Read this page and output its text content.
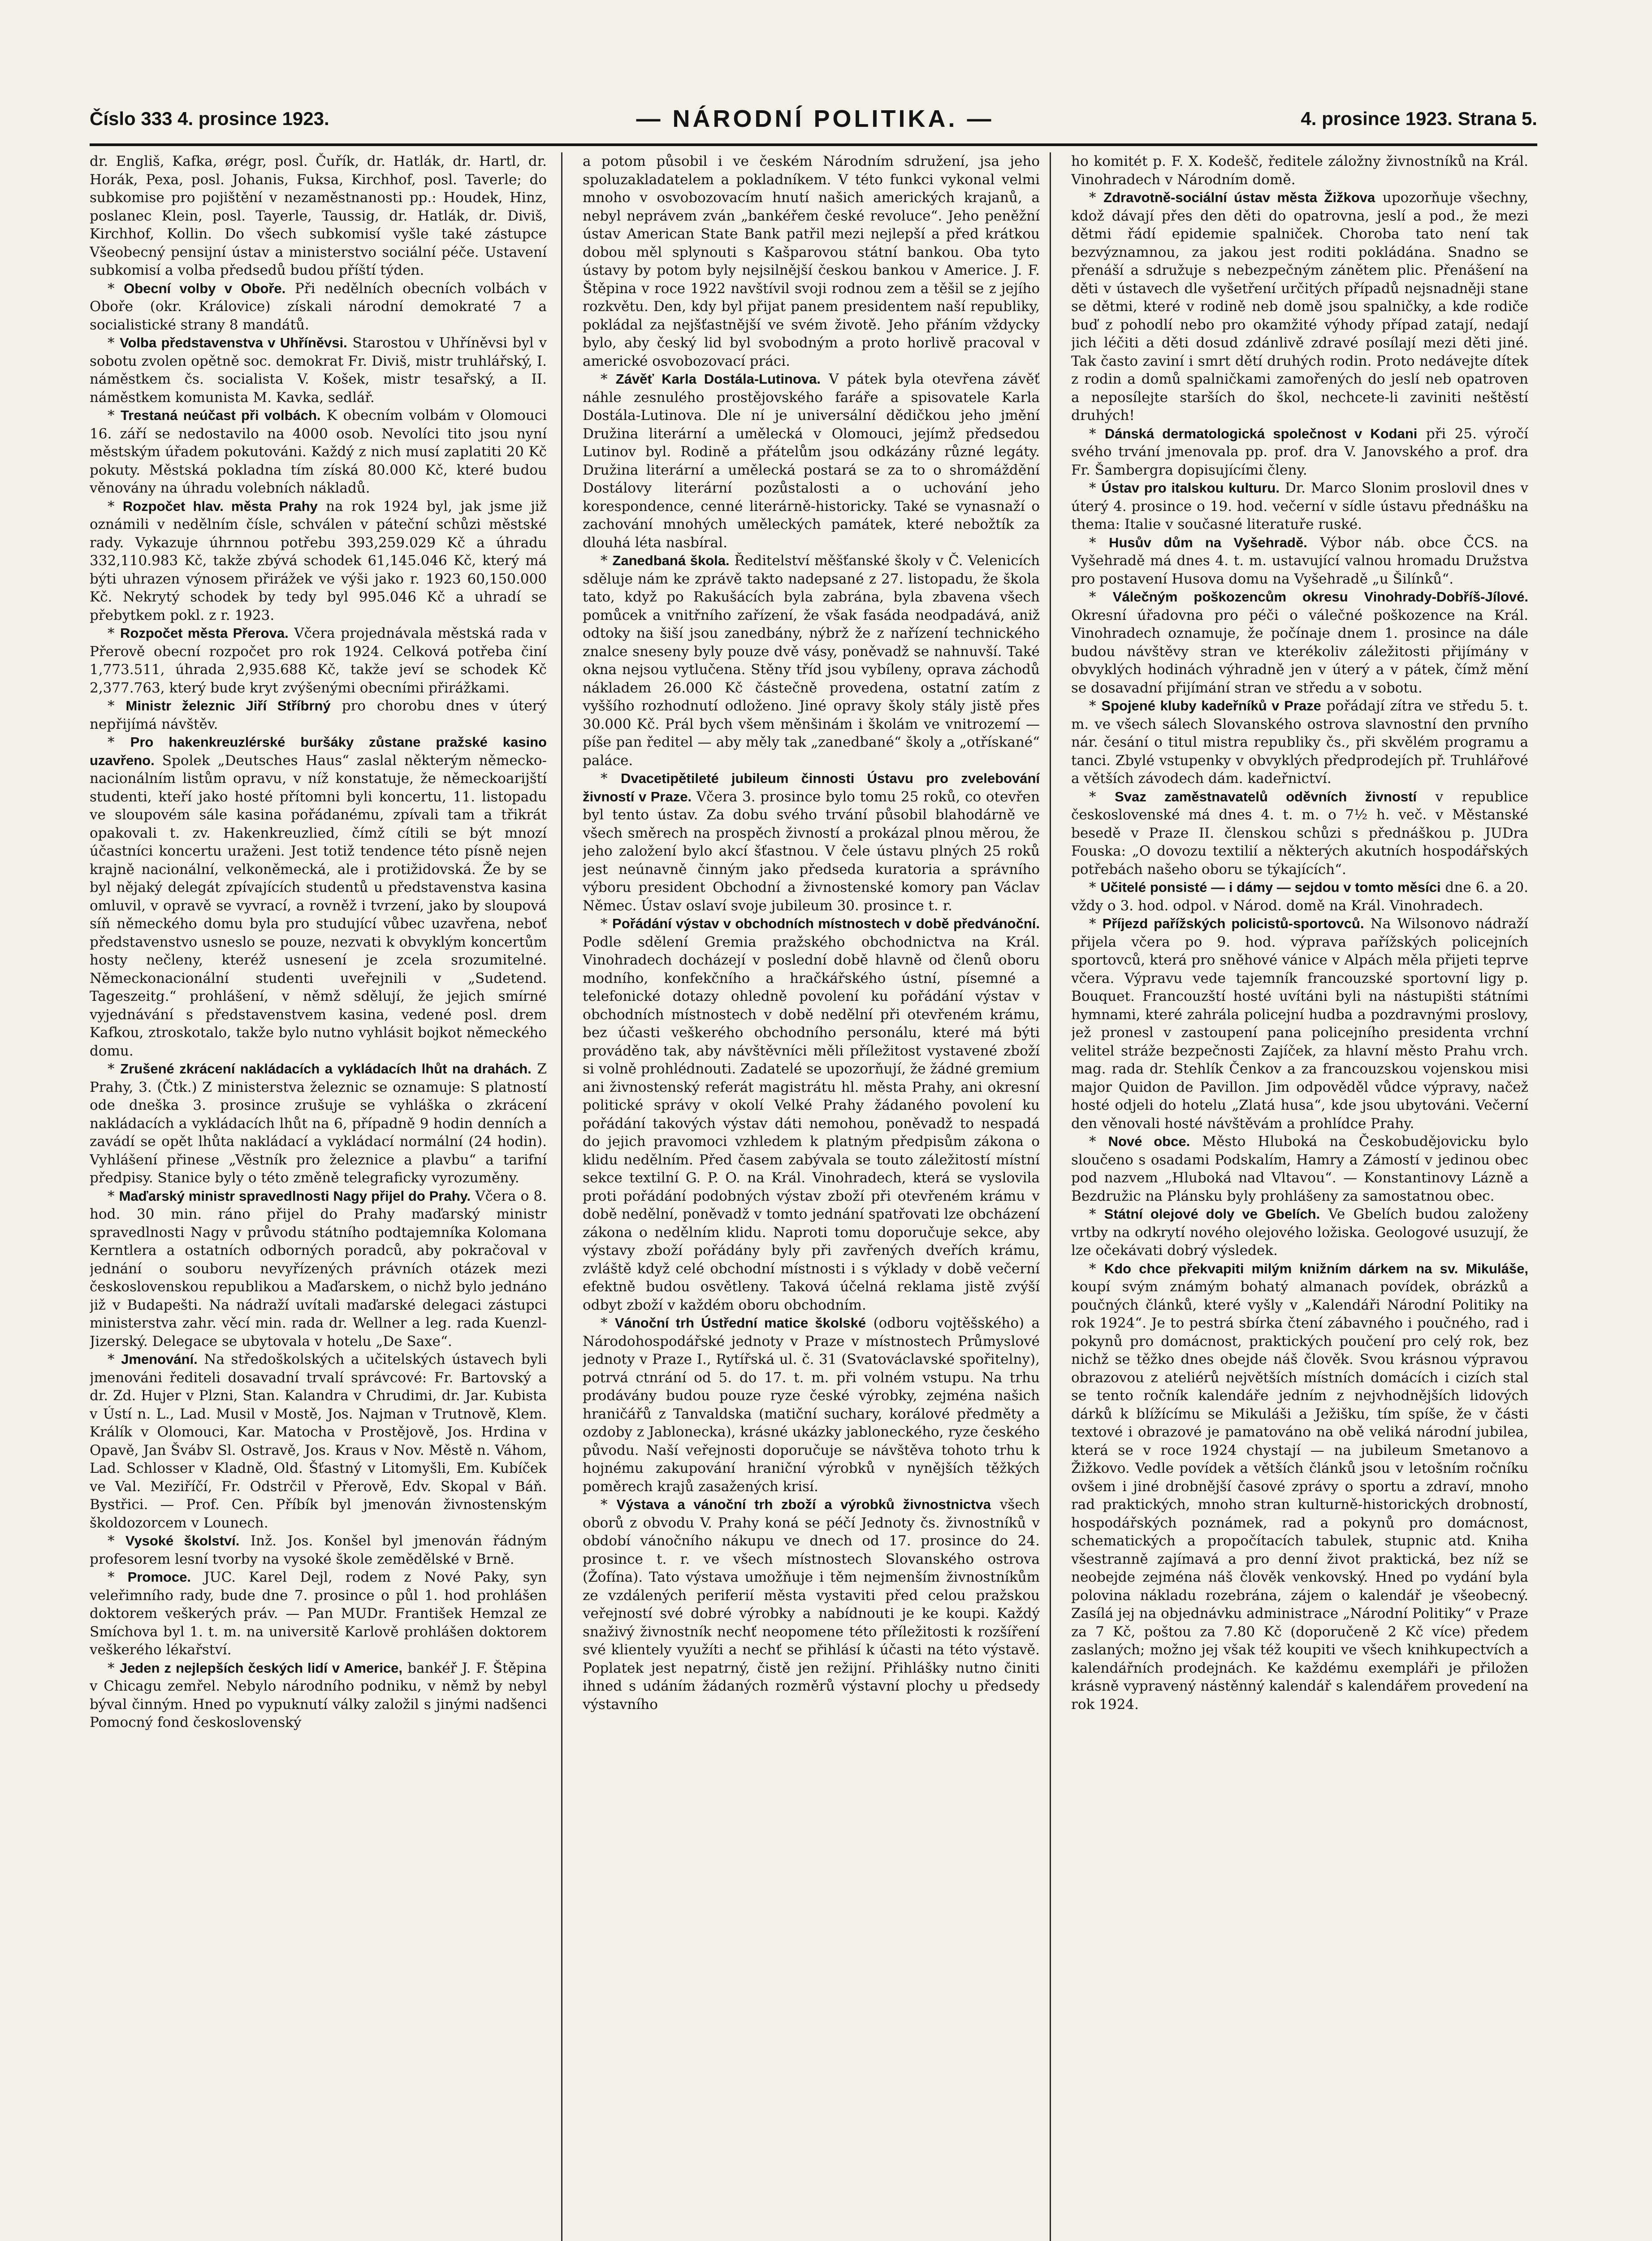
Číslo 333 4. prosince 1923.	— NÁRODNÍ POLITIKA. —	4. prosince 1923. Strana 5.

dr. Engliš, Kafka, ørégr, posl. Čuřík, dr. Hatlák, dr. Hartl, dr. Horák, Pexa, posl. Johanis, Fuksa, Kirchhof, posl. Taverle; do subkomise pro pojištění v nezaměstnanosti pp.: Houdek, Hinz, poslanec Klein, posl. Tayerle, Taussig, dr. Hatlák, dr. Diviš, Kirchhof, Kollin. Do všech subkomisí vyšle také zástupce Všeobecný pensijní ústav a ministerstvo sociální péče. Ustavení subkomisí a volba předsedů budou příští týden.

* Obecní volby v Oboře. Při nedělních obecních volbách v Oboře (okr. Královice) získali národní demokraté 7 a socialistické strany 8 mandátů.

* Volba představenstva v Uhříněvsi. Starostou v Uhříněvsi byl v sobotu zvolen opětně soc. demokrat Fr. Diviš, mistr truhlářský, I. náměstkem čs. socialista V. Košek, mistr tesařský, a II. náměstkem komunista M. Kavka, sedlář.

* Trestaná neúčast při volbách. K obecním volbám v Olomouci 16. září se nedostavilo na 4000 osob. Nevolíci tito jsou nyní městským úřadem pokutováni. Každý z nich musí zaplatiti 20 Kč pokuty. Městská pokladna tím získá 80.000 Kč, které budou věnovány na úhradu volebních nákladů.

* Rozpočet hlav. města Prahy na rok 1924 byl, jak jsme již oznámili v nedělním čísle, schválen v páteční schůzi městské rady. Vykazuje úhrnnou potřebu 393,259.029 Kč a úhradu 332,110.983 Kč, takže zbývá schodek 61,145.046 Kč, který má býti uhrazen výnosem přirážek ve výši jako r. 1923 60,150.000 Kč. Nekrytý schodek by tedy byl 995.046 Kč a uhradí se přebytkem pokl. z r. 1923.

* Rozpočet města Přerova. Včera projednávala městská rada v Přerově obecní rozpočet pro rok 1924. Celková potřeba činí 1,773.511, úhrada 2,935.688 Kč, takže jeví se schodek Kč 2,377.763, který bude kryt zvýšenými obecními přirážkami.

* Ministr železnic Jiří Stříbrný pro chorobu dnes v úterý nepřijímá návštěv.

* Pro hakenkreuzlérské buršáky zůstane pražské kasino uzavřeno. Spolek „Deutsches Haus“ zaslal některým německo-nacionálním listům opravu, v níž konstatuje, že německoarijští studenti, kteří jako hosté přítomni byli koncertu, 11. listopadu ve sloupovém sále kasina pořádanému, zpívali tam a třikrát opakovali t. zv. Hakenkreuzlied, čímž cítili se být mnozí účastníci koncertu uraženi. Jest totiž tendence této písně nejen krajně nacionální, velkoněmecká, ale i protižidovská. Že by se byl nějaký delegát zpívajících studentů u představenstva kasina omluvil, v opravě se vyvrací, a rovněž i tvrzení, jako by sloupová síň německého domu byla pro studující vůbec uzavřena, neboť představenstvo usneslo se pouze, nezvati k obvyklým koncertům hosty nečleny, kteréž usnesení je zcela srozumitelné. Německonacionální studenti uveřejnili v „Sudetend. Tageszeitg.“ prohlášení, v němž sdělují, že jejich smírné vyjednávání s představenstvem kasina, vedené posl. drem Kafkou, ztroskotalo, takže bylo nutno vyhlásit bojkot německého domu.

* Zrušené zkrácení nakládacích a vykládacích lhůt na drahách. Z Prahy, 3. (Čtk.) Z ministerstva železnic se oznamuje: S platností ode dneška 3. prosince zrušuje se vyhláška o zkrácení nakládacích a vykládacích lhůt na 6, případně 9 hodin denních a zavádí se opět lhůta nakládací a vykládací normální (24 hodin). Vyhlášení přinese „Věstník pro železnice a plavbu“ a tarifní předpisy. Stanice byly o této změně telegraficky vyrozuměny.

* Maďarský ministr spravedlnosti Nagy přijel do Prahy. Včera o 8. hod. 30 min. ráno přijel do Prahy maďarský ministr spravedlnosti Nagy v průvodu státního podtajemníka Kolomana Kerntlera a ostatních odborných poradců, aby pokračoval v jednání o souboru nevyřízených právních otázek mezi československou republikou a Maďarskem, o nichž bylo jednáno již v Budapešti. Na nádraží uvítali maďarské delegaci zástupci ministerstva zahr. věcí min. rada dr. Wellner a leg. rada Kuenzl-Jizerský. Delegace se ubytovala v hotelu „De Saxe“.

* Jmenování. Na středoškolských a učitelských ústavech byli jmenováni řediteli dosavadní trvalí správcové: Fr. Bartovský a dr. Zd. Hujer v Plzni, Stan. Kalandra v Chrudimi, dr. Jar. Kubista v Ústí n. L., Lad. Musil v Mostě, Jos. Najman v Trutnově, Klem. Králík v Olomouci, Kar. Matocha v Prostějově, Jos. Hrdina v Opavě, Jan Švábv Sl. Ostravě, Jos. Kraus v Nov. Městě n. Váhom, Lad. Schlosser v Kladně, Old. Šťastný v Litomyšli, Em. Kubíček ve Val. Meziříčí, Fr. Odstrčil v Přerově, Edv. Skopal v Báň. Bystřici. — Prof. Cen. Příbík byl jmenován živnostenským školdozorcem v Lounech.

* Vysoké školství. Inž. Jos. Konšel byl jmenován řádným profesorem lesní tvorby na vysoké škole zemědělské v Brně.

* Promoce. JUC. Karel Dejl, rodem z Nové Paky, syn veleřimního rady, bude dne 7. prosince o půl 1. hod prohlášen doktorem veškerých práv. — Pan MUDr. František Hemzal ze Smíchova byl 1. t. m. na universitě Karlově prohlášen doktorem veškerého lékařství.

* Jeden z nejlepších českých lidí v Americe, bankéř J. F. Štěpina v Chicagu zemřel. Nebylo národního podniku, v němž by nebyl býval činným. Hned po vypuknutí války založil s jinými nadšenci Pomocný fond československý

a potom působil i ve českém Národním sdružení, jsa jeho spoluzakladatelem a pokladníkem. V této funkci vykonal velmi mnoho v osvobozovacím hnutí našich amerických krajanů, a nebyl neprávem zván „bankéřem české revoluce“. Jeho peněžní ústav American State Bank patřil mezi nejlepší a před krátkou dobou měl splynouti s Kašparovou státní bankou. Oba tyto ústavy by potom byly nejsilnější českou bankou v Americe. J. F. Štěpina v roce 1922 navštívil svoji rodnou zem a těšil se z jejího rozkvětu. Den, kdy byl přijat panem presidentem naší republiky, pokládal za nejšťastnější ve svém životě. Jeho přáním vždycky bylo, aby český lid byl svobodným a proto horlivě pracoval v americké osvobozovací práci.

* Závěť Karla Dostála-Lutinova. V pátek byla otevřena závěť náhle zesnulého prostějovského faráře a spisovatele Karla Dostála-Lutinova. Dle ní je universální dědičkou jeho jmění Družina literární a umělecká v Olomouci, jejímž předsedou Lutinov byl. Rodině a přátelům jsou odkázány různé legáty. Družina literární a umělecká postará se za to o shromáždění Dostálovy literární pozůstalosti a o uchování jeho korespondence, cenné literárně-historicky. Také se vynasnaží o zachování mnohých uměleckých památek, které nebožtík za dlouhá léta nasbíral.

* Zanedbaná škola. Ředitelství měšťanské školy v Č. Velenicích sděluje nám ke zprávě takto nadepsané z 27. listopadu, že škola tato, když po Rakušácích byla zabrána, byla zbavena všech pomůcek a vnitřního zařízení, že však fasáda neodpadává, aniž odtoky na šiší jsou zanedbány, nýbrž že z nařízení technického znalce sneseny byly pouze dvě vásy, poněvadž se nahnuvší. Také okna nejsou vytlučena. Stěny tříd jsou vybíleny, oprava záchodů nákladem 26.000 Kč částečně provedena, ostatní zatím z vyššího rozhodnutí odloženo. Jiné opravy školy stály jistě přes 30.000 Kč. Prál bych všem měnšinám i školám ve vnitrozemí — píše pan ředitel — aby měly tak „zanedbané“ školy a „otřískané“ paláce.

* Dvacetipětileté jubileum činnosti Ústavu pro zvelebování živností v Praze. Včera 3. prosince bylo tomu 25 roků, co otevřen byl tento ústav. Za dobu svého trvání působil blahodárně ve všech směrech na prospěch živností a prokázal plnou měrou, že jeho založení bylo akcí šťastnou. V čele ústavu plných 25 roků jest neúnavně činným jako předseda kuratoria a správního výboru president Obchodní a živnostenské komory pan Václav Němec. Ústav oslaví svoje jubileum 30. prosince t. r.

* Pořádání výstav v obchodních místnostech v době předvánoční. Podle sdělení Gremia pražského obchodnictva na Král. Vinohradech docházejí v poslední době hlavně od členů oboru modního, konfekčního a hračkářského ústní, písemné a telefonické dotazy ohledně povolení ku pořádání výstav v obchodních místnostech v době nedělní při otevřeném krámu, bez účasti veškerého obchodního personálu, které má býti prováděno tak, aby návštěvníci měli příležitost vystavené zboží si volně prohlédnouti. Zadatelé se upozorňují, že žádné gremium ani živnostenský referát magistrátu hl. města Prahy, ani okresní politické správy v okolí Velké Prahy žádaného povolení ku pořádání takových výstav dáti nemohou, poněvadž to nespadá do jejich pravomoci vzhledem k platným předpisům zákona o klidu nedělním. Před časem zabývala se touto záležitostí místní sekce textilní G. P. O. na Král. Vinohradech, která se vyslovila proti pořádání podobných výstav zboží při otevřeném krámu v době nedělní, poněvadž v tomto jednání spatřovati lze obcházení zákona o nedělním klidu. Naproti tomu doporučuje sekce, aby výstavy zboží pořádány byly při zavřených dveřích krámu, zvláště když celé obchodní místnosti i s výklady v době večerní efektně budou osvětleny. Taková účelná reklama jistě zvýší odbyt zboží v každém oboru obchodním.

* Vánoční trh Ústřední matice školské (odboru vojtěšského) a Národohospodářské jednoty v Praze v místnostech Průmyslové jednoty v Praze I., Rytířská ul. č. 31 (Svatováclavské spořitelny), potrvá ctnrání od 5. do 17. t. m. při volném vstupu. Na trhu prodávány budou pouze ryze české výrobky, zejména našich hraničářů z Tanvaldska (matiční suchary, korálové předměty a ozdoby z Jablonecka), krásné ukázky jabloneckého, ryze českého původu. Naší veřejnosti doporučuje se návštěva tohoto trhu k hojnému zakupování hraniční výrobků v nynějších těžkých poměrech krajů zasažených krisí.

* Výstava a vánoční trh zboží a výrobků živnostnictva všech oborů z obvodu V. Prahy koná se péčí Jednoty čs. živnostníků v období vánočního nákupu ve dnech od 17. prosince do 24. prosince t. r. ve všech místnostech Slovanského ostrova (Žofína). Tato výstava umožňuje i těm nejmenším živnostníkům ze vzdálených periferií města vystaviti před celou pražskou veřejností své dobré výrobky a nabídnouti je ke koupi. Každý snaživý živnostník nechť neopomene této příležitosti k rozšíření své klientely využíti a nechť se přihlásí k účasti na této výstavě. Poplatek jest nepatrný, čistě jen režijní. Přihlášky nutno činiti ihned s udáním žádaných rozměrů výstavní plochy u předsedy výstavního

ho komitét p. F. X. Kodešč, ředitele záložny živnostníků na Král. Vinohradech v Národním domě.

* Zdravotně-sociální ústav města Žižkova upozorňuje všechny, kdož dávají přes den děti do opatrovna, jeslí a pod., že mezi dětmi řádí epidemie spalniček. Choroba tato není tak bezvýznamnou, za jakou jest roditi pokládána. Snadno se přenáší a sdružuje s nebezpečným zánětem plic. Přenášení na děti v ústavech dle vyšetření určitých případů nejsnadněji stane se dětmi, které v rodině neb domě jsou spalničky, a kde rodiče buď z pohodlí nebo pro okamžité výhody případ zatají, nedají jich léčiti a děti dosud zdánlivě zdravé posílají mezi děti jiné. Tak často zaviní i smrt dětí druhých rodin. Proto nedávejte dítek z rodin a domů spalničkami zamořených do jeslí neb opatroven a neposílejte starších do škol, nechcete-li zaviniti neštěstí druhých!

* Dánská dermatologická společnost v Kodani při 25. výročí svého trvání jmenovala pp. prof. dra V. Janovského a prof. dra Fr. Šambergra dopisujícími členy.

* Ústav pro italskou kulturu. Dr. Marco Slonim proslovil dnes v úterý 4. prosince o 19. hod. večerní v sídle ústavu přednášku na thema: Italie v současné literatuře ruské.

* Husův dům na Vyšehradě. Výbor náb. obce ČCS. na Vyšehradě má dnes 4. t. m. ustavující valnou hromadu Družstva pro postavení Husova domu na Vyšehradě „u Šilínků“.

* Válečným poškozencům okresu Vinohrady-Dobříš-Jílové. Okresní úřadovna pro péči o válečné poškozence na Král. Vinohradech oznamuje, že počínaje dnem 1. prosince na dále budou návštěvy stran ve kterékoliv záležitosti přijímány v obvyklých hodinách výhradně jen v úterý a v pátek, čímž mění se dosavadní přijímání stran ve středu a v sobotu.

* Spojené kluby kadeřníků v Praze pořádají zítra ve středu 5. t. m. ve všech sálech Slovanského ostrova slavnostní den prvního nár. česání o titul mistra republiky čs., při skvělém programu a tanci. Zbylé vstupenky v obvyklých předprodejích př. Truhlářové a větších závodech dám. kadeřnictví.

* Svaz zaměstnavatelů oděvních živností v republice československé má dnes 4. t. m. o 7½ h. več. v Městanské besedě v Praze II. členskou schůzi s přednáškou p. JUDra Fouska: „O dovozu textilií a některých akutních hospodářských potřebách našeho oboru se týkajících“.

* Učitelé ponsisté — i dámy — sejdou v tomto měsíci dne 6. a 20. vždy o 3. hod. odpol. v Národ. domě na Král. Vinohradech.

* Příjezd pařížských policistů-sportovců. Na Wilsonovo nádraží přijela včera po 9. hod. výprava pařížských policejních sportovců, která pro sněhové vánice v Alpách měla přijeti teprve včera. Výpravu vede tajemník francouzské sportovní ligy p. Bouquet. Francouzští hosté uvítáni byli na nástupišti státními hymnami, které zahrála policejní hudba a pozdravnými proslovy, jež pronesl v zastoupení pana policejního presidenta vrchní velitel stráže bezpečnosti Zajíček, za hlavní město Prahu vrch. mag. rada dr. Stehlík Čenkov a za francouzskou vojenskou misi major Quidon de Pavillon. Jim odpověděl vůdce výpravy, načež hosté odjeli do hotelu „Zlatá husa“, kde jsou ubytováni. Večerní den věnovali hosté návštěvám a prohlídce Prahy.

* Nové obce. Město Hluboká na Českobudějovicku bylo sloučeno s osadami Podskalím, Hamry a Zámostí v jedinou obec pod nazvem „Hluboká nad Vltavou“. — Konstantinovy Lázně a Bezdružic na Plánsku byly prohlášeny za samostatnou obec.

* Státní olejové doly ve Gbelích. Ve Gbelích budou založeny vrtby na odkrytí nového olejového ložiska. Geologové usuzují, že lze očekávati dobrý výsledek.

* Kdo chce překvapiti milým knižním dárkem na sv. Mikuláše, koupí svým známým bohatý almanach povídek, obrázků a poučných článků, které vyšly v „Kalendáři Národní Politiky na rok 1924“. Je to pestrá sbírka čtení zábavného i poučného, rad i pokynů pro domácnost, praktických poučení pro celý rok, bez nichž se těžko dnes obejde náš člověk. Svou krásnou výpravou obrazovou z ateliérů největších místních domácích i cizích stal se tento ročník kalendáře jedním z nejvhodnějších lidových dárků k blížícímu se Mikuláši a Ježišku, tím spíše, že v části textové i obrazové je pamatováno na obě veliká národní jubilea, která se v roce 1924 chystají — na jubileum Smetanovo a Žižkovo. Vedle povídek a větších článků jsou v letošním ročníku ovšem i jiné drobnější časové zprávy o sportu a zdraví, mnoho rad praktických, mnoho stran kulturně-historických drobností, hospodářských poznámek, rad a pokynů pro domácnost, schematických a propočítacích tabulek, stupnic atd. Kniha všestranně zajímavá a pro denní život praktická, bez níž se neobejde zejména náš člověk venkovský. Hned po vydání byla polovina nákladu rozebrána, zájem o kalendář je všeobecný. Zasílá jej na objednávku administrace „Národní Politiky“ v Praze za 7 Kč, poštou za 7.80 Kč (doporučeně 2 Kč více) předem zaslaných; možno jej však též koupiti ve všech knihkupectvích a kalendářních prodejnách. Ke každému exempláři je přiložen krásně vypravený nástěnný kalendář s kalendářem provedení na rok 1924.
